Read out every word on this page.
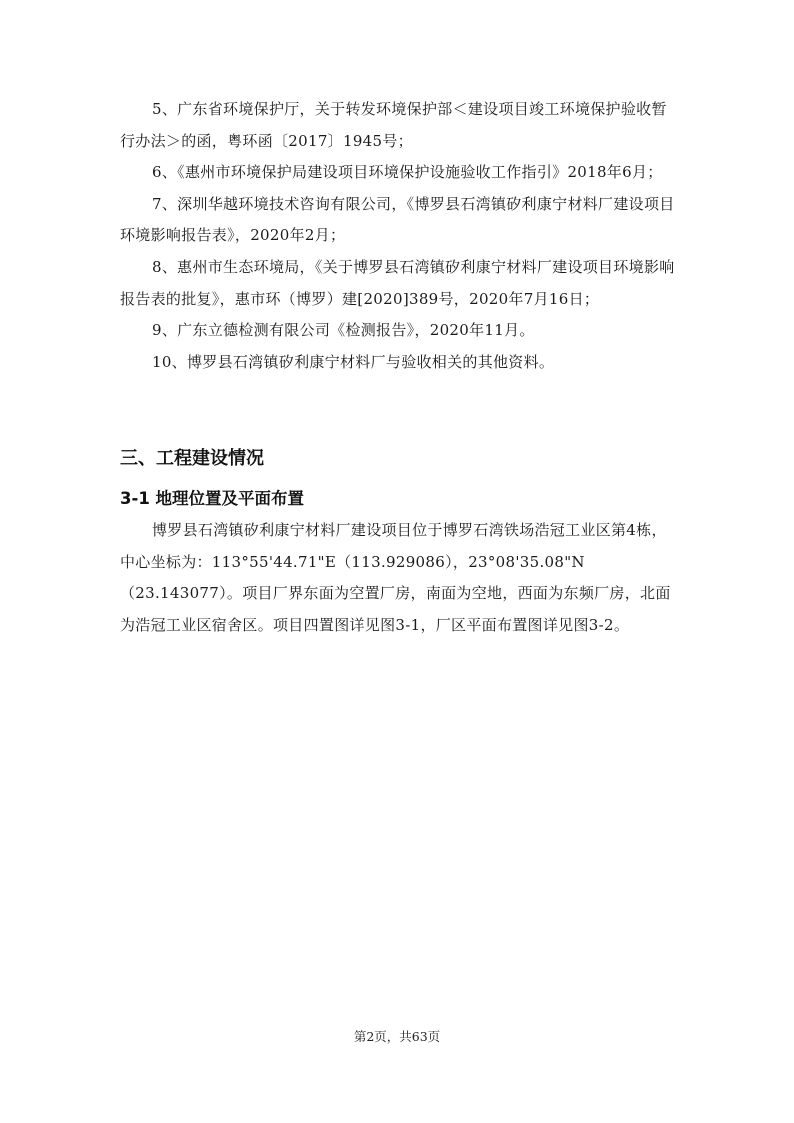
5、广东省环境保护厅，关于转发环境保护部＜建设项目竣工环境保护验收暂行办法＞的函，粤环函〔2017〕1945号；

6、《惠州市环境保护局建设项目环境保护设施验收工作指引》2018年6月；

7、深圳华越环境技术咨询有限公司，《博罗县石湾镇矽利康宁材料厂建设项目环境影响报告表》，2020年2月；

8、惠州市生态环境局，《关于博罗县石湾镇矽利康宁材料厂建设项目环境影响报告表的批复》，惠市环（博罗）建[2020]389号，2020年7月16日；

9、广东立德检测有限公司《检测报告》，2020年11月。

10、博罗县石湾镇矽利康宁材料厂与验收相关的其他资料。

三、工程建设情况
3-1 地理位置及平面布置

博罗县石湾镇矽利康宁材料厂建设项目位于博罗石湾铁场浩冠工业区第4栋，中心坐标为：113°55'44.71"E（113.929086），23°08'35.08"N（23.143077）。项目厂界东面为空置厂房，南面为空地，西面为东频厂房，北面为浩冠工业区宿舍区。项目四置图详见图3-1，厂区平面布置图详见图3-2。

第2页，共63页
